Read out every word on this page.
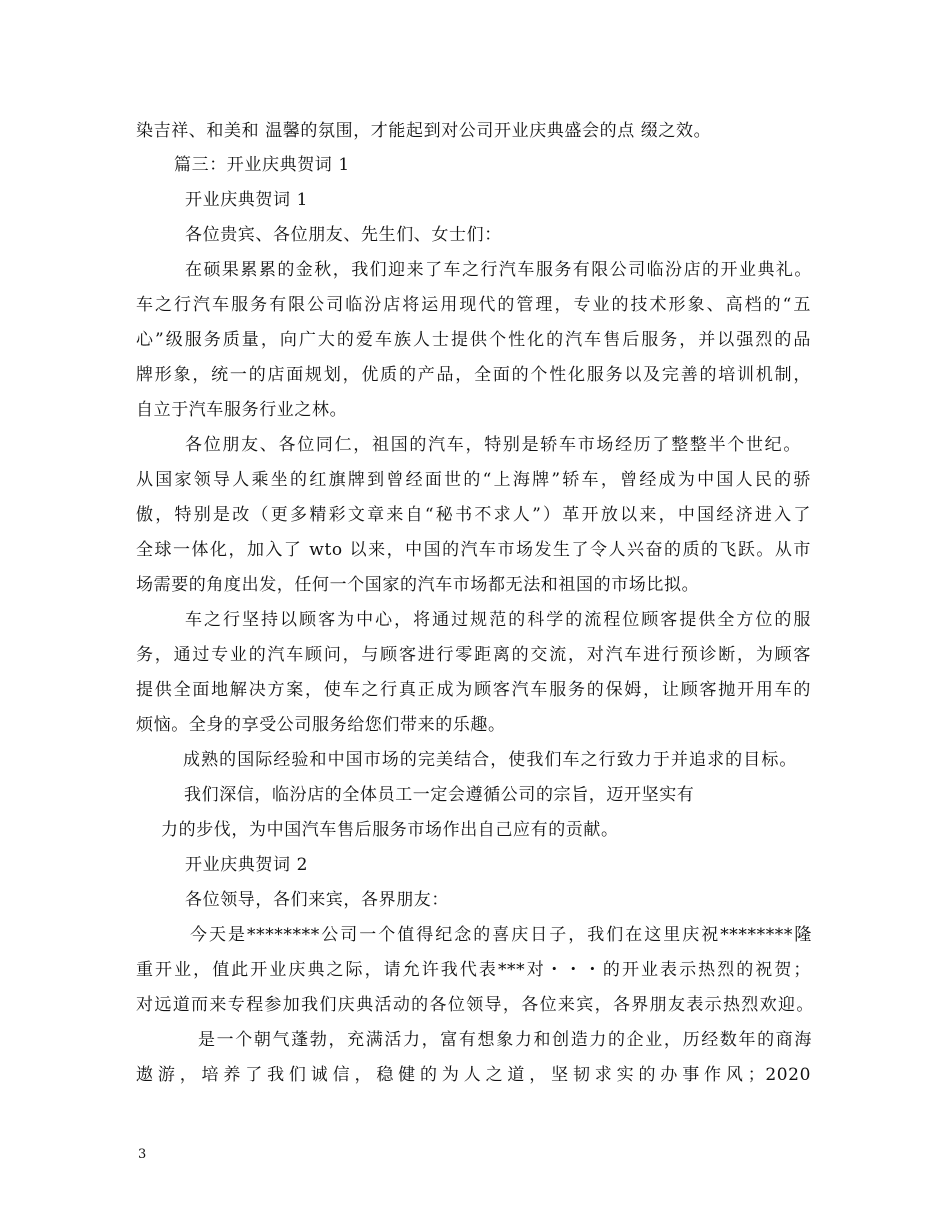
染吉祥、和美和 温馨的氛围，才能起到对公司开业庆典盛会的点 缀之效。
篇三：开业庆典贺词 1
开业庆典贺词 1
各位贵宾、各位朋友、先生们、女士们：
在硕果累累的金秋，我们迎来了车之行汽车服务有限公司临汾店的开业典礼。
车之行汽车服务有限公司临汾店将运用现代的管理，专业的技术形象、高档的“五
心”级服务质量，向广大的爱车族人士提供个性化的汽车售后服务，并以强烈的品
牌形象，统一的店面规划，优质的产品，全面的个性化服务以及完善的培训机制，
自立于汽车服务行业之林。
各位朋友、各位同仁，祖国的汽车，特别是轿车市场经历了整整半个世纪。
从国家领导人乘坐的红旗牌到曾经面世的“上海牌”轿车，曾经成为中国人民的骄
傲，特别是改（更多精彩文章来自“秘书不求人”）革开放以来，中国经济进入了
全球一体化，加入了 wto 以来，中国的汽车市场发生了令人兴奋的质的飞跃。从市
场需要的角度出发，任何一个国家的汽车市场都无法和祖国的市场比拟。
车之行坚持以顾客为中心，将通过规范的科学的流程位顾客提供全方位的服
务，通过专业的汽车顾问，与顾客进行零距离的交流，对汽车进行预诊断，为顾客
提供全面地解决方案，使车之行真正成为顾客汽车服务的保姆，让顾客抛开用车的
烦恼。全身的享受公司服务给您们带来的乐趣。
成熟的国际经验和中国市场的完美结合，使我们车之行致力于并追求的目标。
我们深信，临汾店的全体员工一定会遵循公司的宗旨，迈开坚实有
力的步伐，为中国汽车售后服务市场作出自己应有的贡献。
开业庆典贺词 2
各位领导，各们来宾，各界朋友：
今天是********公司一个值得纪念的喜庆日子，我们在这里庆祝********隆
重开业，值此开业庆典之际，请允许我代表***对・・・的开业表示热烈的祝贺；
对远道而来专程参加我们庆典活动的各位领导，各位来宾，各界朋友表示热烈欢迎。
是一个朝气蓬勃，充满活力，富有想象力和创造力的企业，历经数年的商海
遨游，培养了我们诚信，稳健的为人之道，坚韧求实的办事作风；2020
3
